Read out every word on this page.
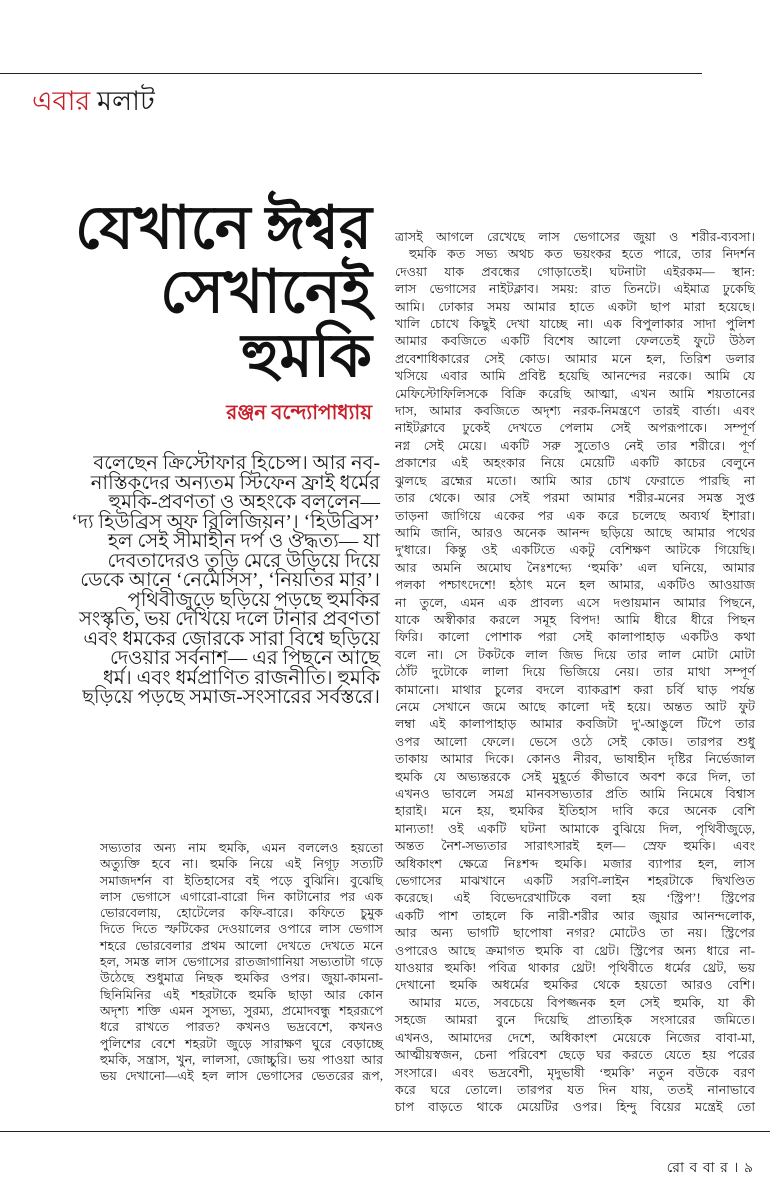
এবার মলাট
যেখানে ঈশ্বর
সেখানেই
হুমকি
রঞ্জন বন্দ্যোপাধ্যায়
বলেছেন ক্রিস্টোফার হিচেন্স। আর নব-
নাস্তিকদের অন্যতম স্টিফেন ফ্রাই ধর্মের
হুমকি-প্রবণতা ও অহংকে বললেন—
‘দ্য হিউব্রিস অফ রিলিজিয়ন’। ‘হিউব্রিস’
হল সেই সীমাহীন দর্প ও ঔদ্ধত্য— যা
দেবতাদেরও তুড়ি মেরে উড়িয়ে দিয়ে
ডেকে আনে ‘নেমেসিস’, ‘নিয়তির মার’।
পৃথিবীজুড়ে ছড়িয়ে পড়ছে হুমকির
সংস্কৃতি, ভয় দেখিয়ে দলে টানার প্রবণতা
এবং ধমকের জোরকে সারা বিশ্বে ছড়িয়ে
দেওয়ার সর্বনাশ— এর পিছনে আছে
ধর্ম। এবং ধর্মপ্রাণিত রাজনীতি। হুমকি
ছড়িয়ে পড়ছে সমাজ-সংসারের সর্বস্তরে।
সভ্যতার অন্য নাম হুমকি, এমন বললেও হয়তো
অত্যুক্তি হবে না। হুমকি নিয়ে এই নিগূঢ় সত্যটি
সমাজদর্শন বা ইতিহাসের বই পড়ে বুঝিনি। বুঝেছি
লাস ভেগাসে এগারো-বারো দিন কাটানোর পর এক
ভোরবেলায়, হোটেলের কফি-বারে। কফিতে চুমুক
দিতে দিতে স্ফটিকের দেওয়ালের ওপারে লাস ভেগাস
শহরে ভোরবেলার প্রথম আলো দেখতে দেখতে মনে
হল, সমস্ত লাস ভেগাসের রাতজাগানিয়া সভ্যতাটা গড়ে
উঠেছে শুধুমাত্র নিছক হুমকির ওপর। জুয়া-কামনা-
ছিনিমিনির এই শহরটাকে হুমকি ছাড়া আর কোন
অদৃশ্য শক্তি এমন সুসভ্য, সুরম্য, প্রমোদবন্ধু শহররূপে
ধরে রাখতে পারত? কখনও ভদ্রবেশে, কখনও
পুলিশের বেশে শহরটা জুড়ে সারাক্ষণ ঘুরে বেড়াচ্ছে
হুমকি, সন্ত্রাস, খুন, লালসা, জোচ্চুরি। ভয় পাওয়া আর
ভয় দেখানো—এই হল লাস ভেগাসের ভেতরের রূপ,
ত্রাসই আগলে রেখেছে লাস ভেগাসের জুয়া ও শরীর-ব্যবসা।
হুমকি কত সভ্য অথচ কত ভয়ংকর হতে পারে, তার নিদর্শন
দেওয়া যাক প্রবন্ধের গোড়াতেই। ঘটনাটা এইরকম— স্থান:
লাস ভেগাসের নাইটক্লাব। সময়: রাত তিনটে। এইমাত্র ঢুকেছি
আমি। ঢোকার সময় আমার হাতে একটা ছাপ মারা হয়েছে।
খালি চোখে কিছুই দেখা যাচ্ছে না। এক বিপুলাকার সাদা পুলিশ
আমার কবজিতে একটি বিশেষ আলো ফেলতেই ফুটে উঠল
প্রবেশাধিকারের সেই কোড। আমার মনে হল, তিরিশ ডলার
খসিয়ে এবার আমি প্রবিষ্ট হয়েছি আনন্দের নরকে। আমি যে
মেফিস্টোফিলিসকে বিক্রি করেছি আত্মা, এখন আমি শয়তানের
দাস, আমার কবজিতে অদৃশ্য নরক-নিমন্ত্রণে তারই বার্তা। এবং
নাইটক্লাবে ঢুকেই দেখতে পেলাম সেই অপরূপাকে। সম্পূর্ণ
নগ্ন সেই মেয়ে। একটি সরু সুতোও নেই তার শরীরে। পূর্ণ
প্রকাশের এই অহংকার নিয়ে মেয়েটি একটি কাচের বেলুনে
ঝুলছে ব্রহ্মের মতো। আমি আর চোখ ফেরাতে পারছি না
তার থেকে। আর সেই পরমা আমার শরীর-মনের সমস্ত সুপ্ত
তাড়না জাগিয়ে একের পর এক করে চলেছে অব্যর্থ ইশারা।
আমি জানি, আরও অনেক আনন্দ ছড়িয়ে আছে আমার পথের
দু'ধারে। কিন্তু ওই একটিতে একটু বেশিক্ষণ আটকে গিয়েছি।
আর অমনি অমোঘ নৈঃশব্দ্যে ‘হুমকি’ এল ঘনিয়ে, আমার
পলকা পশ্চাৎদেশে! হঠাৎ মনে হল আমার, একটিও আওয়াজ
না তুলে, এমন এক প্রাবল্য এসে দণ্ডায়মান আমার পিছনে,
যাকে অস্বীকার করলে সমূহ বিপদ! আমি ধীরে ধীরে পিছন
ফিরি। কালো পোশাক পরা সেই কালাপাহাড় একটিও কথা
বলে না। সে টকটকে লাল জিভ দিয়ে তার লাল মোটা মোটা
ঠোঁট দুটোকে লালা দিয়ে ভিজিয়ে নেয়। তার মাথা সম্পূর্ণ
কামানো। মাথার চুলের বদলে ব্যাকব্রাশ করা চর্বি ঘাড় পর্যন্ত
নেমে সেখানে জমে আছে কালো দই হয়ে। অন্তত আট ফুট
লম্বা এই কালাপাহাড় আমার কবজিটা দু'-আঙুলে টিপে তার
ওপর আলো ফেলে। ভেসে ওঠে সেই কোড। তারপর শুধু
তাকায় আমার দিকে। কোনও নীরব, ভাষাহীন দৃষ্টির নির্ভেজাল
হুমকি যে অভ্যন্তরকে সেই মুহূর্তে কীভাবে অবশ করে দিল, তা
এখনও ভাবলে সমগ্র মানবসভ্যতার প্রতি আমি নিমেষে বিশ্বাস
হারাই। মনে হয়, হুমকির ইতিহাস দাবি করে অনেক বেশি
মান্যতা! ওই একটি ঘটনা আমাকে বুঝিয়ে দিল, পৃথিবীজুড়ে,
অন্তত নৈশ-সভ্যতার সারাৎসারই হল— স্রেফ হুমকি। এবং
অধিকাংশ ক্ষেত্রে নিঃশব্দ হুমকি। মজার ব্যাপার হল, লাস
ভেগাসের মাঝখানে একটি সরণি-লাইন শহরটাকে দ্বিখণ্ডিত
করেছে। এই বিভেদরেখাটিকে বলা হয় ‘স্ট্রিপ’! স্ট্রিপের
একটি পাশ তাহলে কি নারী-শরীর আর জুয়ার আনন্দলোক,
আর অন্য ভাগটি ছাপোষা নগর? মোটেও তা নয়। স্ট্রিপের
ওপারেও আছে ক্রমাগত হুমকি বা থ্রেট। স্ট্রিপের অন্য ধারে না-
যাওয়ার হুমকি! পবিত্র থাকার থ্রেট! পৃথিবীতে ধর্মের থ্রেট, ভয়
দেখানো হুমকি অধর্মের হুমকির থেকে হয়তো আরও বেশি।
আমার মতে, সবচেয়ে বিপজ্জনক হল সেই হুমকি, যা কী
সহজে আমরা বুনে দিয়েছি প্রাত্যহিক সংসারের জমিতে।
এখনও, আমাদের দেশে, অধিকাংশ মেয়েকে নিজের বাবা-মা,
আত্মীয়স্বজন, চেনা পরিবেশ ছেড়ে ঘর করতে যেতে হয় পরের
সংসারে। এবং ভদ্রবেশী, মৃদুভাষী ‘হুমকি’ নতুন বউকে বরণ
করে ঘরে তোলে। তারপর যত দিন যায়, ততই নানাভাবে
চাপ বাড়তে থাকে মেয়েটির ওপর। হিন্দু বিয়ের মন্ত্রেই তো
রো ব বা র । ৯
